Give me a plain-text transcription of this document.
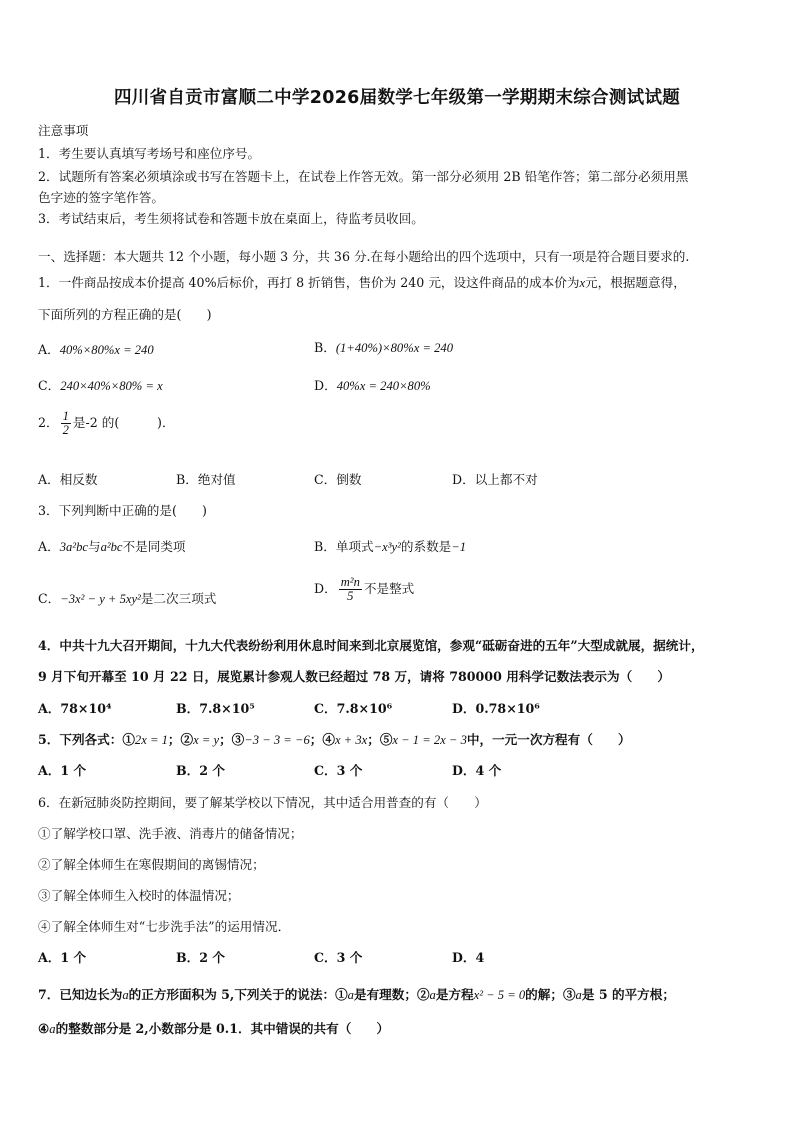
四川省自贡市富顺二中学2026届数学七年级第一学期期末综合测试试题
注意事项
1．考生要认真填写考场号和座位序号。
2．试题所有答案必须填涂或书写在答题卡上，在试卷上作答无效。第一部分必须用 2B 铅笔作答；第二部分必须用黑
色字迹的签字笔作答。
3．考试结束后，考生须将试卷和答题卡放在桌面上，待监考员收回。
一、选择题：本大题共 12 个小题，每小题 3 分，共 36 分.在每小题给出的四个选项中，只有一项是符合题目要求的.
1．一件商品按成本价提高 40%后标价，再打 8 折销售，售价为 240 元，设这件商品的成本价为x元，根据题意得，
下面所列的方程正确的是(　　)
A．40%×80%x = 240	B．(1+40%)×80%x = 240
C．240×40%×80% = x	D．40%x = 240×80%
2． $\frac{1}{2}$ 是-2 的(　　　)．
A．相反数	B．绝对值	C．倒数	D．以上都不对
3．下列判断中正确的是(　　)
A．3a²bc与a²bc不是同类项	B．单项式−x³y²的系数是−1
C．−3x² − y + 5xy²是二次三项式
D． $\frac{\text{m²n}}{5}$ 不是整式
4．中共十九大召开期间，十九大代表纷纷利用休息时间来到北京展览馆，参观“砥砺奋进的五年”大型成就展，据统计，
9 月下旬开幕至 10 月 22 日，展览累计参观人数已经超过 78 万，请将 780000 用科学记数法表示为（　　）
A．78×10⁴	B．7.8×10⁵	C．7.8×10⁶	D．0.78×10⁶
5．下列各式：①2x = 1；②x = y；③−3 − 3 = −6；④x + 3x；⑤x − 1 = 2x − 3中，一元一次方程有（　　）
A．1 个	B．2 个	C．3 个	D．4 个
6．在新冠肺炎防控期间，要了解某学校以下情况，其中适合用普查的有（　　）
①了解学校口罩、洗手液、消毒片的储备情况；
②了解全体师生在寒假期间的离锡情况；
③了解全体师生入校时的体温情况；
④了解全体师生对“七步洗手法”的运用情况．
A．1 个	B．2 个	C．3 个	D．4
7．已知边长为a的正方形面积为 5,下列关于的说法：①a是有理数；②a是方程x² − 5 = 0的解；③a是 5 的平方根；
④a的整数部分是 2,小数部分是 0.1．其中错误的共有（　　）
